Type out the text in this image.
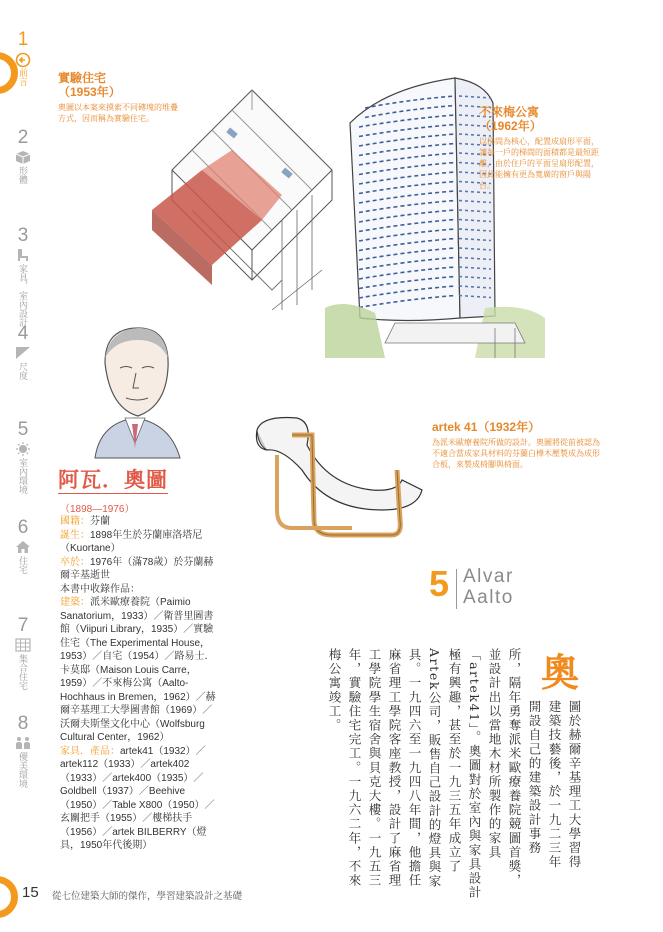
1
前言
2
形體
3
家具．室內設計
4
尺度
5
室內環境
6
住宅
7
集合住宅
8
優美環境
實驗住宅
（1953年）
奧圖以本案來摸索不同磚塊的堆疊方式，因而稱為實驗住宅。	不來梅公寓
（1962年）
以梯間為核心，配置成扇形平面，讓每一戶的梯間的面積都是最短距離，由於住戶的平面呈扇形配置，因此能擁有更為寬廣的窗戶與陽台。
artek 41（1932年）
為派米歐療養院所做的設計。奧圖將從前被認為不適合當成家具材料的芬蘭白樺木壓製成為成形合板，來製成椅腳與椅面。
阿瓦．奧圖
（1898—1976）
國籍：芬蘭
誕生：1898年生於芬蘭庫洛塔尼（Kuortane）
卒於：1976年（滿78歲）於芬蘭赫爾辛基逝世
本書中收錄作品：
建築：派米歐療養院（Paimio Sanatorium，1933）／衛普里圖書館（Viipuri Library，1935）／實驗住宅（The Experimental House，1953）／自宅（1954）／路易士．卡莫邸（Maison Louis Carre，1959）／不來梅公寓（Aalto-Hochhaus in Bremen，1962）／赫爾辛基理工大學圖書館（1969）／沃爾夫斯堡文化中心（Wolfsburg Cultural Center，1962）
家具．產品：artek41（1932）／artek112（1933）／artek402（1933）／artek400（1935）／Goldbell（1937）／Beehive（1950）／Table X800（1950）／玄關把手（1955）／樓梯扶手（1956）／artek BILBERRY（燈具，1950年代後期）
5 Alvar
Aalto
奧
圖於赫爾辛基理工大學習得
建築技藝後，於一九二三年
開設自己的建築設計事務
所，隔年勇奪派米歐療養院競圖首獎，
並設計出以當地木材所製作的家具
「artek41」。奧圖對於室內與家具設計
極有興趣，甚至於一九三五年成立了
Artek公司，販售自己設計的燈具與家
具。一九四六至一九四八年間，他擔任
麻省理工學院客座教授，設計了麻省理
工學院學生宿舍與貝克大樓。一九五三
年，實驗住宅完工。一九六二年，不來
梅公寓竣工。
15 從七位建築大師的傑作，學習建築設計之基礎
